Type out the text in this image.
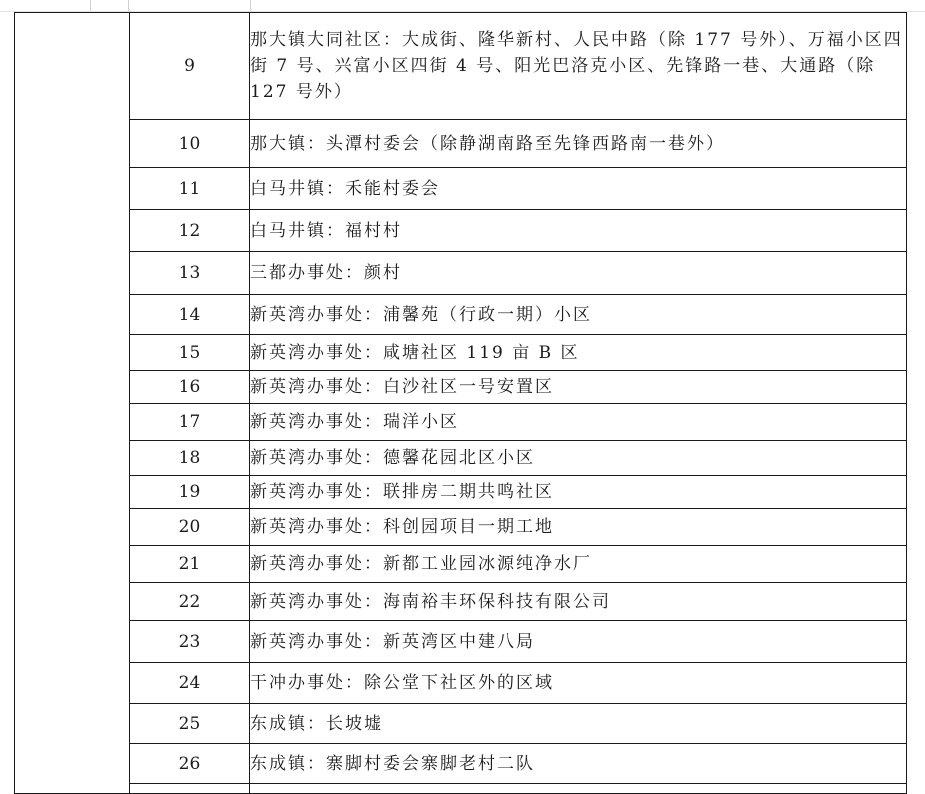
	9	那大镇大同社区：大成街、隆华新村、人民中路（除 177 号外）、万福小区四街 7 号、兴富小区四街 4 号、阳光巴洛克小区、先锋路一巷、大通路（除 127 号外）
	10	那大镇：头潭村委会（除静湖南路至先锋西路南一巷外）
	11	白马井镇：禾能村委会
	12	白马井镇：福村村
	13	三都办事处：颜村
	14	新英湾办事处：浦馨苑（行政一期）小区
	15	新英湾办事处：咸塘社区 119 亩 B 区
	16	新英湾办事处：白沙社区一号安置区
	17	新英湾办事处：瑞洋小区
	18	新英湾办事处：德馨花园北区小区
	19	新英湾办事处：联排房二期共鸣社区
	20	新英湾办事处：科创园项目一期工地
	21	新英湾办事处：新都工业园冰源纯净水厂
	22	新英湾办事处：海南裕丰环保科技有限公司
	23	新英湾办事处：新英湾区中建八局
	24	干冲办事处：除公堂下社区外的区域
	25	东成镇：长坡墟
	26	东成镇：寨脚村委会寨脚老村二队
